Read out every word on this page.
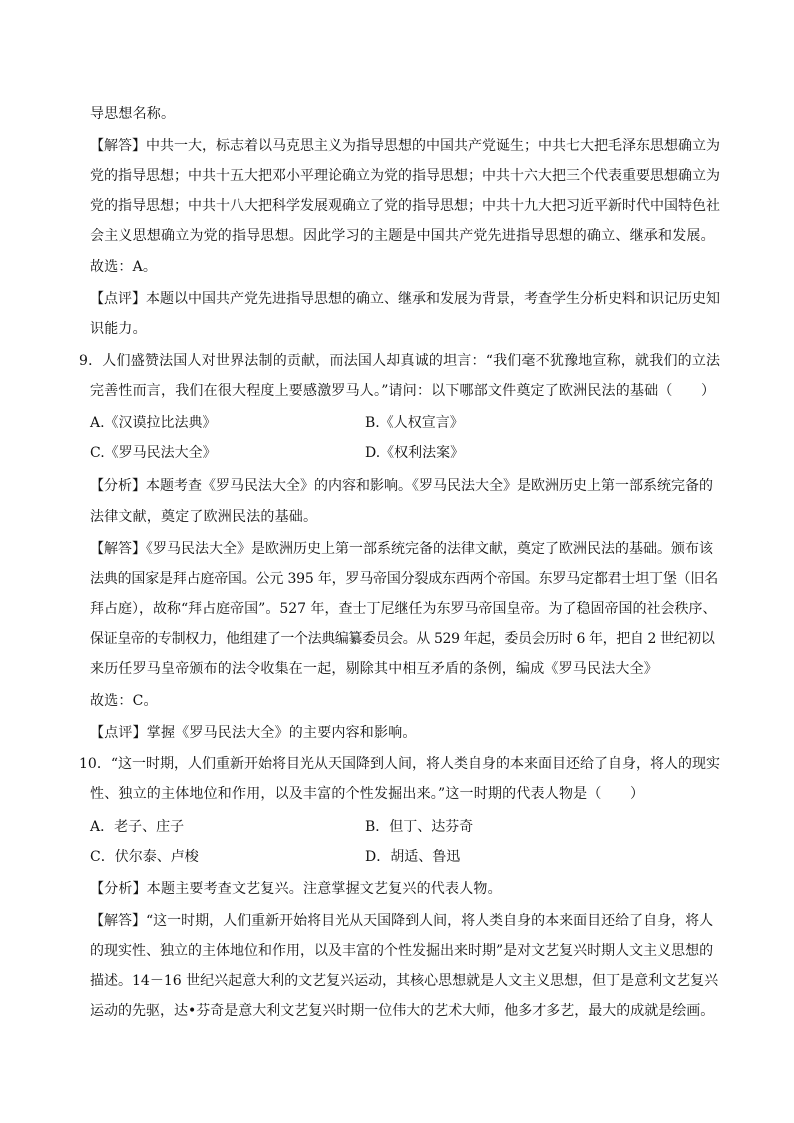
导思想名称。
【解答】中共一大，标志着以马克思主义为指导思想的中国共产党诞生；中共七大把毛泽东思想确立为
党的指导思想；中共十五大把邓小平理论确立为党的指导思想；中共十六大把三个代表重要思想确立为
党的指导思想；中共十八大把科学发展观确立了党的指导思想；中共十九大把习近平新时代中国特色社
会主义思想确立为党的指导思想。因此学习的主题是中国共产党先进指导思想的确立、继承和发展。
故选：A。
【点评】本题以中国共产党先进指导思想的确立、继承和发展为背景，考查学生分析史料和识记历史知
识能力。
9．人们盛赞法国人对世界法制的贡献，而法国人却真诚的坦言：“我们毫不犹豫地宣称，就我们的立法
完善性而言，我们在很大程度上要感激罗马人。”请问：以下哪部文件奠定了欧洲民法的基础（　　）
A.《汉谟拉比法典》	B.《人权宣言》
C.《罗马民法大全》	D.《权利法案》
【分析】本题考查《罗马民法大全》的内容和影响。《罗马民法大全》是欧洲历史上第一部系统完备的
法律文献，奠定了欧洲民法的基础。
【解答】《罗马民法大全》是欧洲历史上第一部系统完备的法律文献，奠定了欧洲民法的基础。颁布该
法典的国家是拜占庭帝国。公元 395 年，罗马帝国分裂成东西两个帝国。东罗马定都君士坦丁堡（旧名
拜占庭），故称“拜占庭帝国”。527 年，查士丁尼继任为东罗马帝国皇帝。为了稳固帝国的社会秩序、
保证皇帝的专制权力，他组建了一个法典编纂委员会。从 529 年起，委员会历时 6 年，把自 2 世纪初以
来历任罗马皇帝颁布的法令收集在一起，剔除其中相互矛盾的条例，编成《罗马民法大全》
故选：C。
【点评】掌握《罗马民法大全》的主要内容和影响。
10．“这一时期，人们重新开始将目光从天国降到人间，将人类自身的本来面目还给了自身，将人的现实
性、独立的主体地位和作用，以及丰富的个性发掘出来。”这一时期的代表人物是（　　）
A．老子、庄子	B．但丁、达芬奇
C．伏尔泰、卢梭	D．胡适、鲁迅
【分析】本题主要考查文艺复兴。注意掌握文艺复兴的代表人物。
【解答】“这一时期，人们重新开始将目光从天国降到人间，将人类自身的本来面目还给了自身，将人
的现实性、独立的主体地位和作用，以及丰富的个性发掘出来时期”是对文艺复兴时期人文主义思想的
描述。14－16 世纪兴起意大利的文艺复兴运动，其核心思想就是人文主义思想，但丁是意利文艺复兴
运动的先驱，达•芬奇是意大利文艺复兴时期一位伟大的艺术大师，他多才多艺，最大的成就是绘画。
